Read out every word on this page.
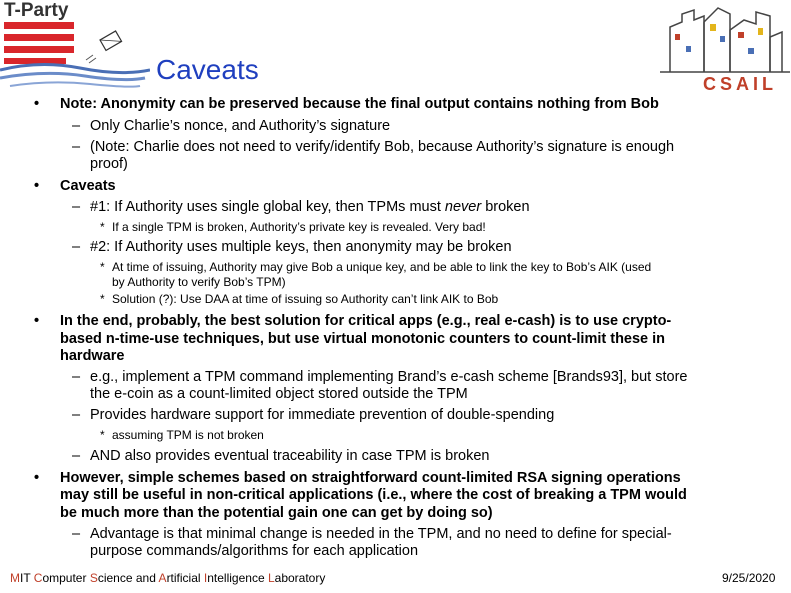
T-Party
Caveats	CSAIL
• Note: Anonymity can be preserved because the final output contains nothing from Bob
– Only Charlie’s nonce, and Authority’s signature
– (Note: Charlie does not need to verify/identify Bob, because Authority’s signature is enough
proof)
• Caveats
– #1: If Authority uses single global key, then TPMs must never broken
* If a single TPM is broken, Authority’s private key is revealed. Very bad!
– #2: If Authority uses multiple keys, then anonymity may be broken
* At time of issuing, Authority may give Bob a unique key, and be able to link the key to Bob’s AIK (used
by Authority to verify Bob’s TPM)
* Solution (?): Use DAA at time of issuing so Authority can’t link AIK to Bob
• In the end, probably, the best solution for critical apps (e.g., real e-cash) is to use crypto-
based n-time-use techniques, but use virtual monotonic counters to count-limit these in
hardware
– e.g., implement a TPM command implementing Brand’s e-cash scheme [Brands93], but store
the e-coin as a count-limited object stored outside the TPM
– Provides hardware support for immediate prevention of double-spending
* assuming TPM is not broken
– AND also provides eventual traceability in case TPM is broken
• However, simple schemes based on straightforward count-limited RSA signing operations
may still be useful in non-critical applications (i.e., where the cost of breaking a TPM would
be much more than the potential gain one can get by doing so)
– Advantage is that minimal change is needed in the TPM, and no need to define for special-
purpose commands/algorithms for each application
MIT Computer Science and Artificial Intelligence Laboratory	9/25/2020
